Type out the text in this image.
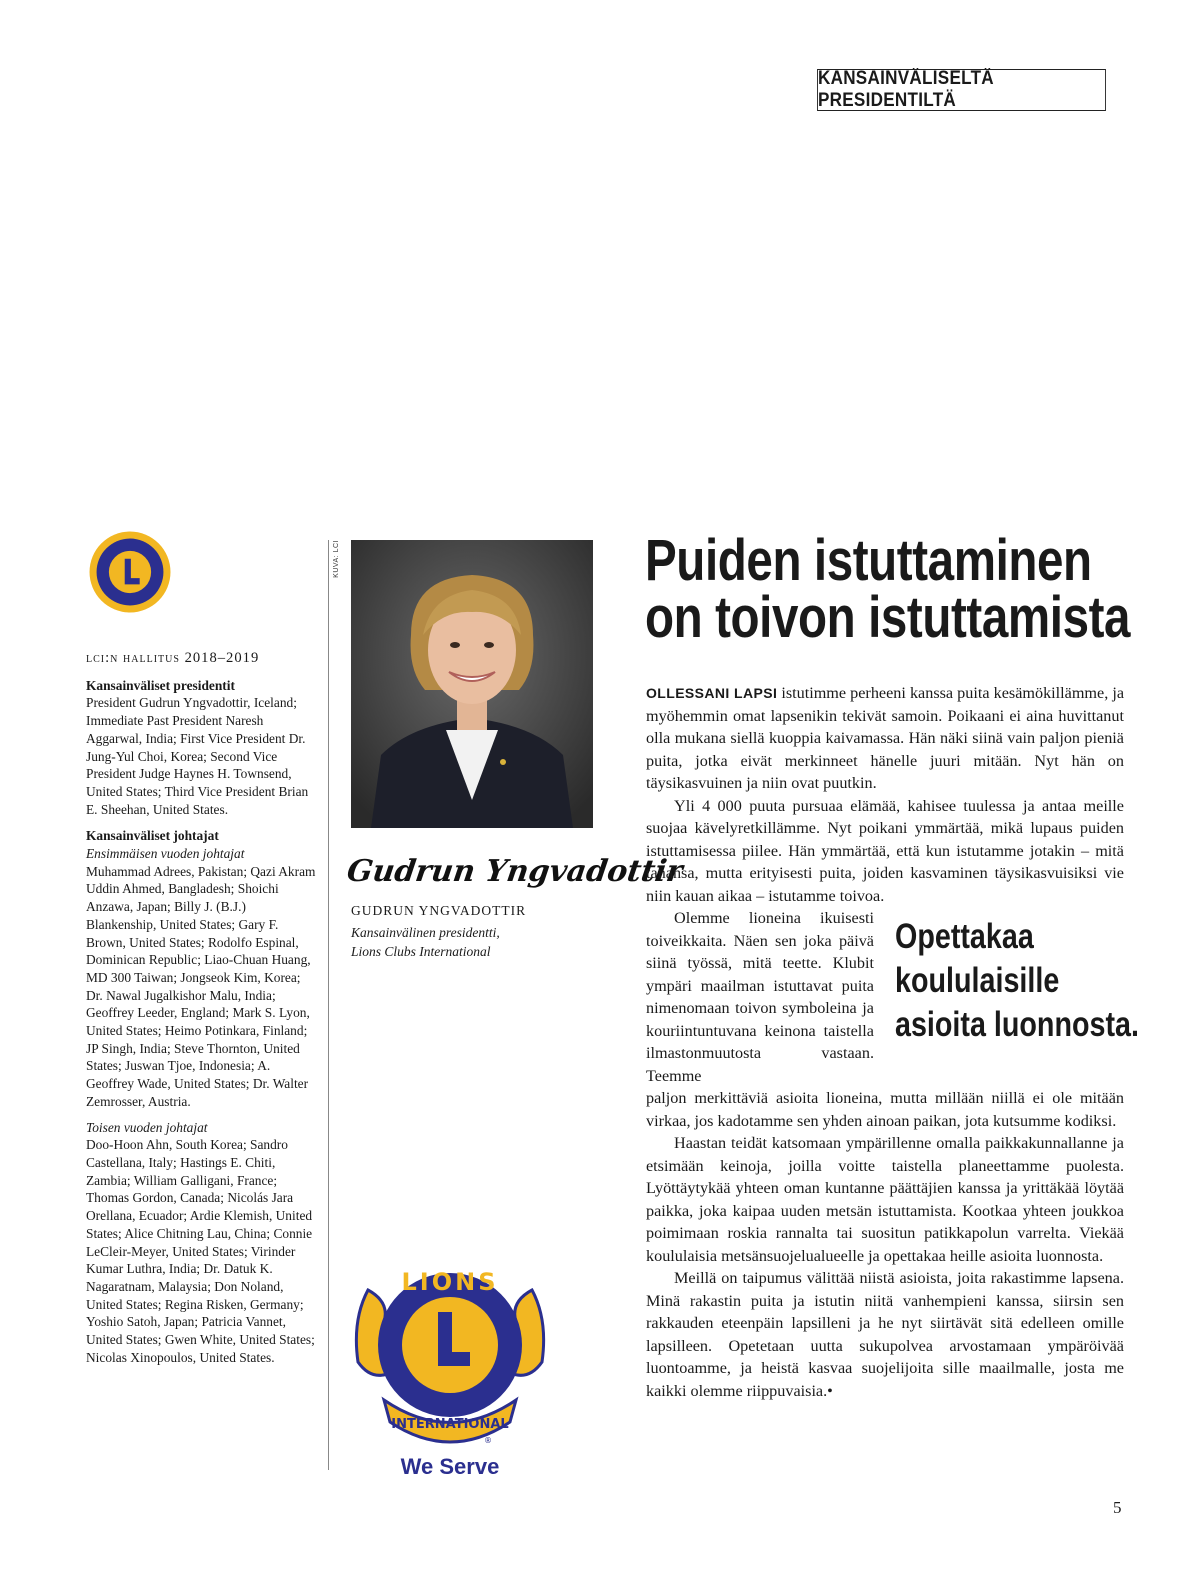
KANSAINVÄLISELTÄ PRESIDENTILTÄ
lci:n hallitus 2018–2019
Kansainväliset presidentit

President Gudrun Yngvadottir, Iceland; Immediate Past President Naresh Aggarwal, India; First Vice President Dr. Jung-Yul Choi, Korea; Second Vice President Judge Haynes H. Townsend, United States; Third Vice President Brian E. Sheehan, United States.

Kansainväliset johtajat
Ensimmäisen vuoden johtajat

Muhammad Adrees, Pakistan; Qazi Akram Uddin Ahmed, Bangladesh; Shoichi Anzawa, Japan; Billy J. (B.J.) Blankenship, United States; Gary F. Brown, United States; Rodolfo Espinal, Dominican Republic; Liao-Chuan Huang, MD 300 Taiwan; Jongseok Kim, Korea; Dr. Nawal Jugalkishor Malu, India; Geoffrey Leeder, England; Mark S. Lyon, United States; Heimo Potinkara, Finland; JP Singh, India; Steve Thornton, United States; Juswan Tjoe, Indonesia; A. Geoffrey Wade, United States; Dr. Walter Zemrosser, Austria.

Toisen vuoden johtajat

Doo-Hoon Ahn, South Korea; Sandro Castellana, Italy; Hastings E. Chiti, Zambia; William Galligani, France; Thomas Gordon, Canada; Nicolás Jara Orellana, Ecuador; Ardie Klemish, United States; Alice Chitning Lau, China; Connie LeCleir-Meyer, United States; Virinder Kumar Luthra, India; Dr. Datuk K. Nagaratnam, Malaysia; Don Noland, United States; Regina Risken, Germany; Yoshio Satoh, Japan; Patricia Vannet, United States; Gwen White, United States; Nicolas Xinopoulos, United States.

KUVA: LCI
Gudrun Yngvadottir
GUDRUN YNGVADOTTIR
Kansainvälinen presidentti,
Lions Clubs International
LIONS
INTERNATIONAL
®
We Serve
Puiden istuttaminen
on toivon istuttamista

OLLESSANI LAPSI istutimme perheeni kanssa puita kesämökillämme, ja myöhemmin omat lapsenikin tekivät samoin. Poikaani ei aina huvittanut olla mukana siellä kuoppia kaivamassa. Hän näki siinä vain paljon pieniä puita, jotka eivät merkinneet hänelle juuri mitään. Nyt hän on täysikasvuinen ja niin ovat puutkin.

Yli 4 000 puuta pursuaa elämää, kahisee tuulessa ja antaa meille suojaa kävelyretkillämme. Nyt poikani ymmärtää, mikä lupaus puiden istuttamisessa piilee. Hän ymmärtää, että kun istutamme jotakin – mitä tahansa, mutta erityisesti puita, joiden kasvaminen täysikasvuisiksi vie niin kauan aikaa – istutamme toivoa.

Olemme lioneina ikuisesti toiveikkaita. Näen sen joka päivä siinä työssä, mitä teette. Klubit ympäri maailman istuttavat puita nimenomaan toivon symboleina ja kouriintuntuvana keinona taistella ilmastonmuutosta vastaan. Teemme

Opettakaa
koululaisille
asioita luonnosta.

paljon merkittäviä asioita lioneina, mutta millään niillä ei ole mitään virkaa, jos kadotamme sen yhden ainoan paikan, jota kutsumme kodiksi.

Haastan teidät katsomaan ympärillenne omalla paikkakunnallanne ja etsimään keinoja, joilla voitte taistella planeettamme puolesta. Lyöttäytykää yhteen oman kuntanne päättäjien kanssa ja yrittäkää löytää paikka, joka kaipaa uuden metsän istuttamista. Kootkaa yhteen joukkoa poimimaan roskia rannalta tai suositun patikkapolun varrelta. Viekää koululaisia metsänsuojelualueelle ja opettakaa heille asioita luonnosta.

Meillä on taipumus välittää niistä asioista, joita rakastimme lapsena. Minä rakastin puita ja istutin niitä vanhempieni kanssa, siirsin sen rakkauden eteenpäin lapsilleni ja he nyt siirtävät sitä edelleen omille lapsilleen. Opetetaan uutta sukupolvea arvostamaan ympäröivää luontoamme, ja heistä kasvaa suojelijoita sille maailmalle, josta me kaikki olemme riippuvaisia.•

5
